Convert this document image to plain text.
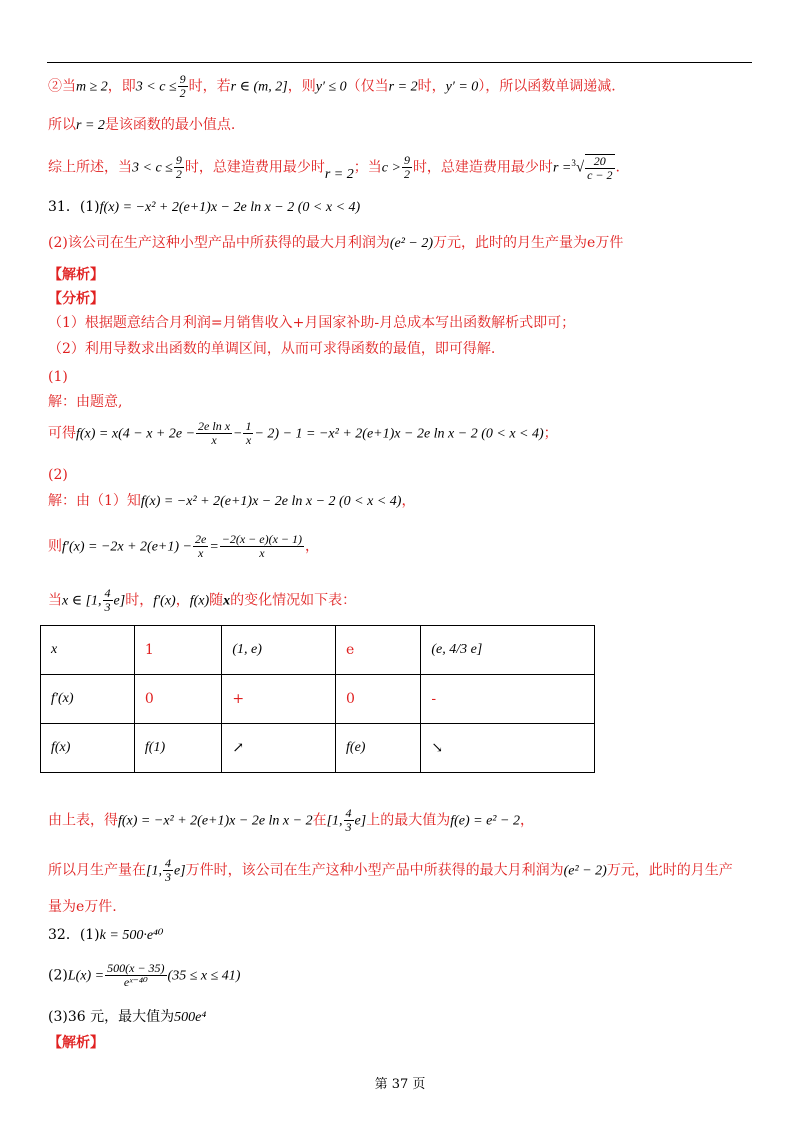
②当m ≥ 2，即$3 < c \le \frac{9}{2}$ 时，若r ∈ (m, 2]，则y′ ≤ 0（仅当r = 2时，y′ = 0），所以函数单调递减.
所以r = 2是该函数的最小值点.
综上所述，当$3 < c \le \frac{9}{2}$ 时，总建造费用最少时r = 2；当$c > \frac{9}{2}$ 时，总建造费用最少时$r =^3√ \frac{20}{c - 2}$ .
31．(1)f(x) = −x² + 2(e+1)x − 2e ln x − 2 (0 < x < 4)
(2)该公司在生产这种小型产品中所获得的最大月利润为(e² − 2)万元，此时的月生产量为e万件
【解析】
【分析】
（1）根据题意结合月利润=月销售收入+月国家补助-月总成本写出函数解析式即可；
（2）利用导数求出函数的单调区间，从而可求得函数的最值，即可得解.
(1)
解：由题意,
可得$f(x) = x(4 - x + 2e - \frac{\text{2e ln x}}{x} - \frac{1}{x} - 2) - 1 = -x^2 + 2(e+1)x - 2e$ ln x − 2 (0 < x < 4)；
(2)
解：由（1）知f(x) = −x² + 2(e+1)x − 2e ln x − 2 (0 < x < 4)，
则$f'(x) = -2x + 2(e+1) - \frac{2e}{x} = \frac{-2(x - e)(x - 1)}{x}$ ，
当x ∈ [1, $\frac{4}{3} e$]时，f′(x)，f(x)随x的变化情况如下表：
x	1	(1, e)	e	(e, 4/3 e]
f′(x)	0	+	0	-
f(x)	f(1)	↗	f(e)	↘
由上表，得f(x) = −x² + 2(e+1)x − 2e ln x − 2在[1, $\frac{4}{3} e$]上的最大值为f(e) = e² − 2，
所以月生产量在[1, $\frac{4}{3} e$]万件时，该公司在生产这种小型产品中所获得的最大月利润为(e² − 2)万元，此时的月生产
量为e万件.
32．(1)k = 500·e⁴⁰
$(2)L(x) = \frac{500(x - 35)}{\text{eˣ⁻⁴⁰}} (35 \le x \le 41)$
(3)36 元，最大值为500e⁴
【解析】
第 37 页
